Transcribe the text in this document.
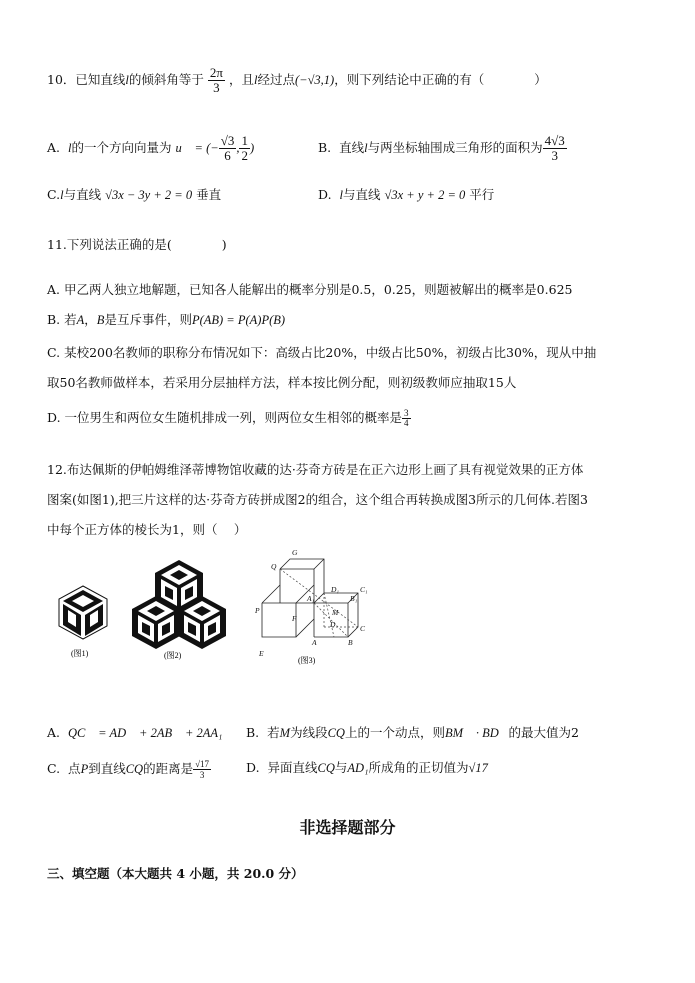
10．已知直线l的倾斜角等于 $\frac{2\pi}{3}$ ，且l经过点(−√3,1)，则下列结论中正确的有（　　　　）
A. l的一个方向向量为 u⃗ = (− $\frac{√3}{6}$ , $\frac{1}{2}$ )	B. 直线l与两坐标轴围成三角形的面积为 $\frac{4√3}{3}$
C.l与直线 √3x − 3y + 2 = 0 垂直	D. l与直线 √3x + y + 2 = 0 平行
11.下列说法正确的是(　　　　)
A. 甲乙两人独立地解题，已知各人能解出的概率分别是0.5，0.25，则题被解出的概率是0.625
B. 若A，B是互斥事件，则P(AB) = P(A)P(B)
C. 某校200名教师的职称分布情况如下：高级占比20%，中级占比50%，初级占比30%，现从中抽
取50名教师做样本，若采用分层抽样方法，样本按比例分配，则初级教师应抽取15人
D. 一位男生和两位女生随机排成一列，则两位女生相邻的概率是 $\frac{3}{4}$
12.布达佩斯的伊帕姆维泽蒂博物馆收藏的达·芬奇方砖是在正六边形上画了具有视觉效果的正方体
图案(如图1),把三片这样的达·芬奇方砖拼成图2的组合，这个组合再转换成图3所示的几何体.若图3
中每个正方体的棱长为1，则（　 ）
(图1)	(图2)
G
Q
D₁	C₁
A₁	B₁
M
D	C
P
F
B
E
A
(图3)
A. QC⃗ = AD⃗ + 2AB⃗ + 2AA₁⃗ B. 若M为线段CQ上的一个动点，则BM⃗ · BD⃗的最大值为2
C. 点P到直线CQ的距离是 $\frac{√17}{3}$	D. 异面直线CQ与AD₁所成角的正切值为√17
非选择题部分
三、填空题（本大题共 4 小题，共 20.0 分）
